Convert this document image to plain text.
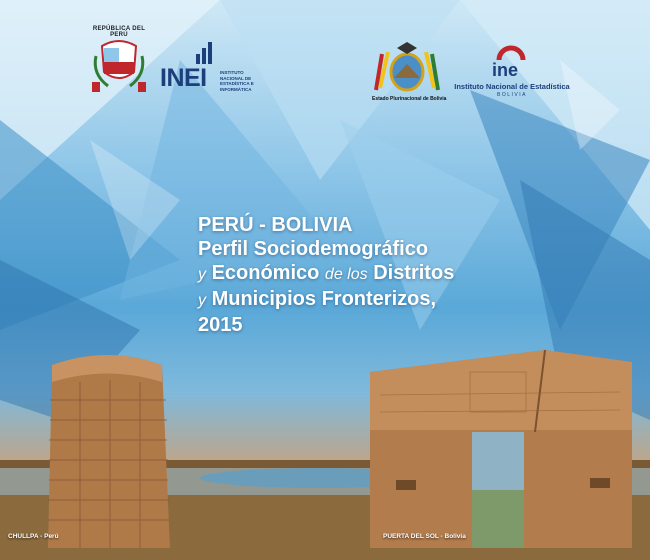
REPÚBLICA DEL PERÚ
INEI	INSTITUTO
NACIONAL DE
ESTADÍSTICA E
INFORMÁTICA
Estado Plurinacional de Bolivia
ine
Instituto Nacional de Estadística
BOLIVIA
PERÚ - BOLIVIA
Perfil Sociodemográfico
y Económico de los Distritos
y Municipios Fronterizos,
2015
CHULLPA - Perú	PUERTA DEL SOL - Bolivia
